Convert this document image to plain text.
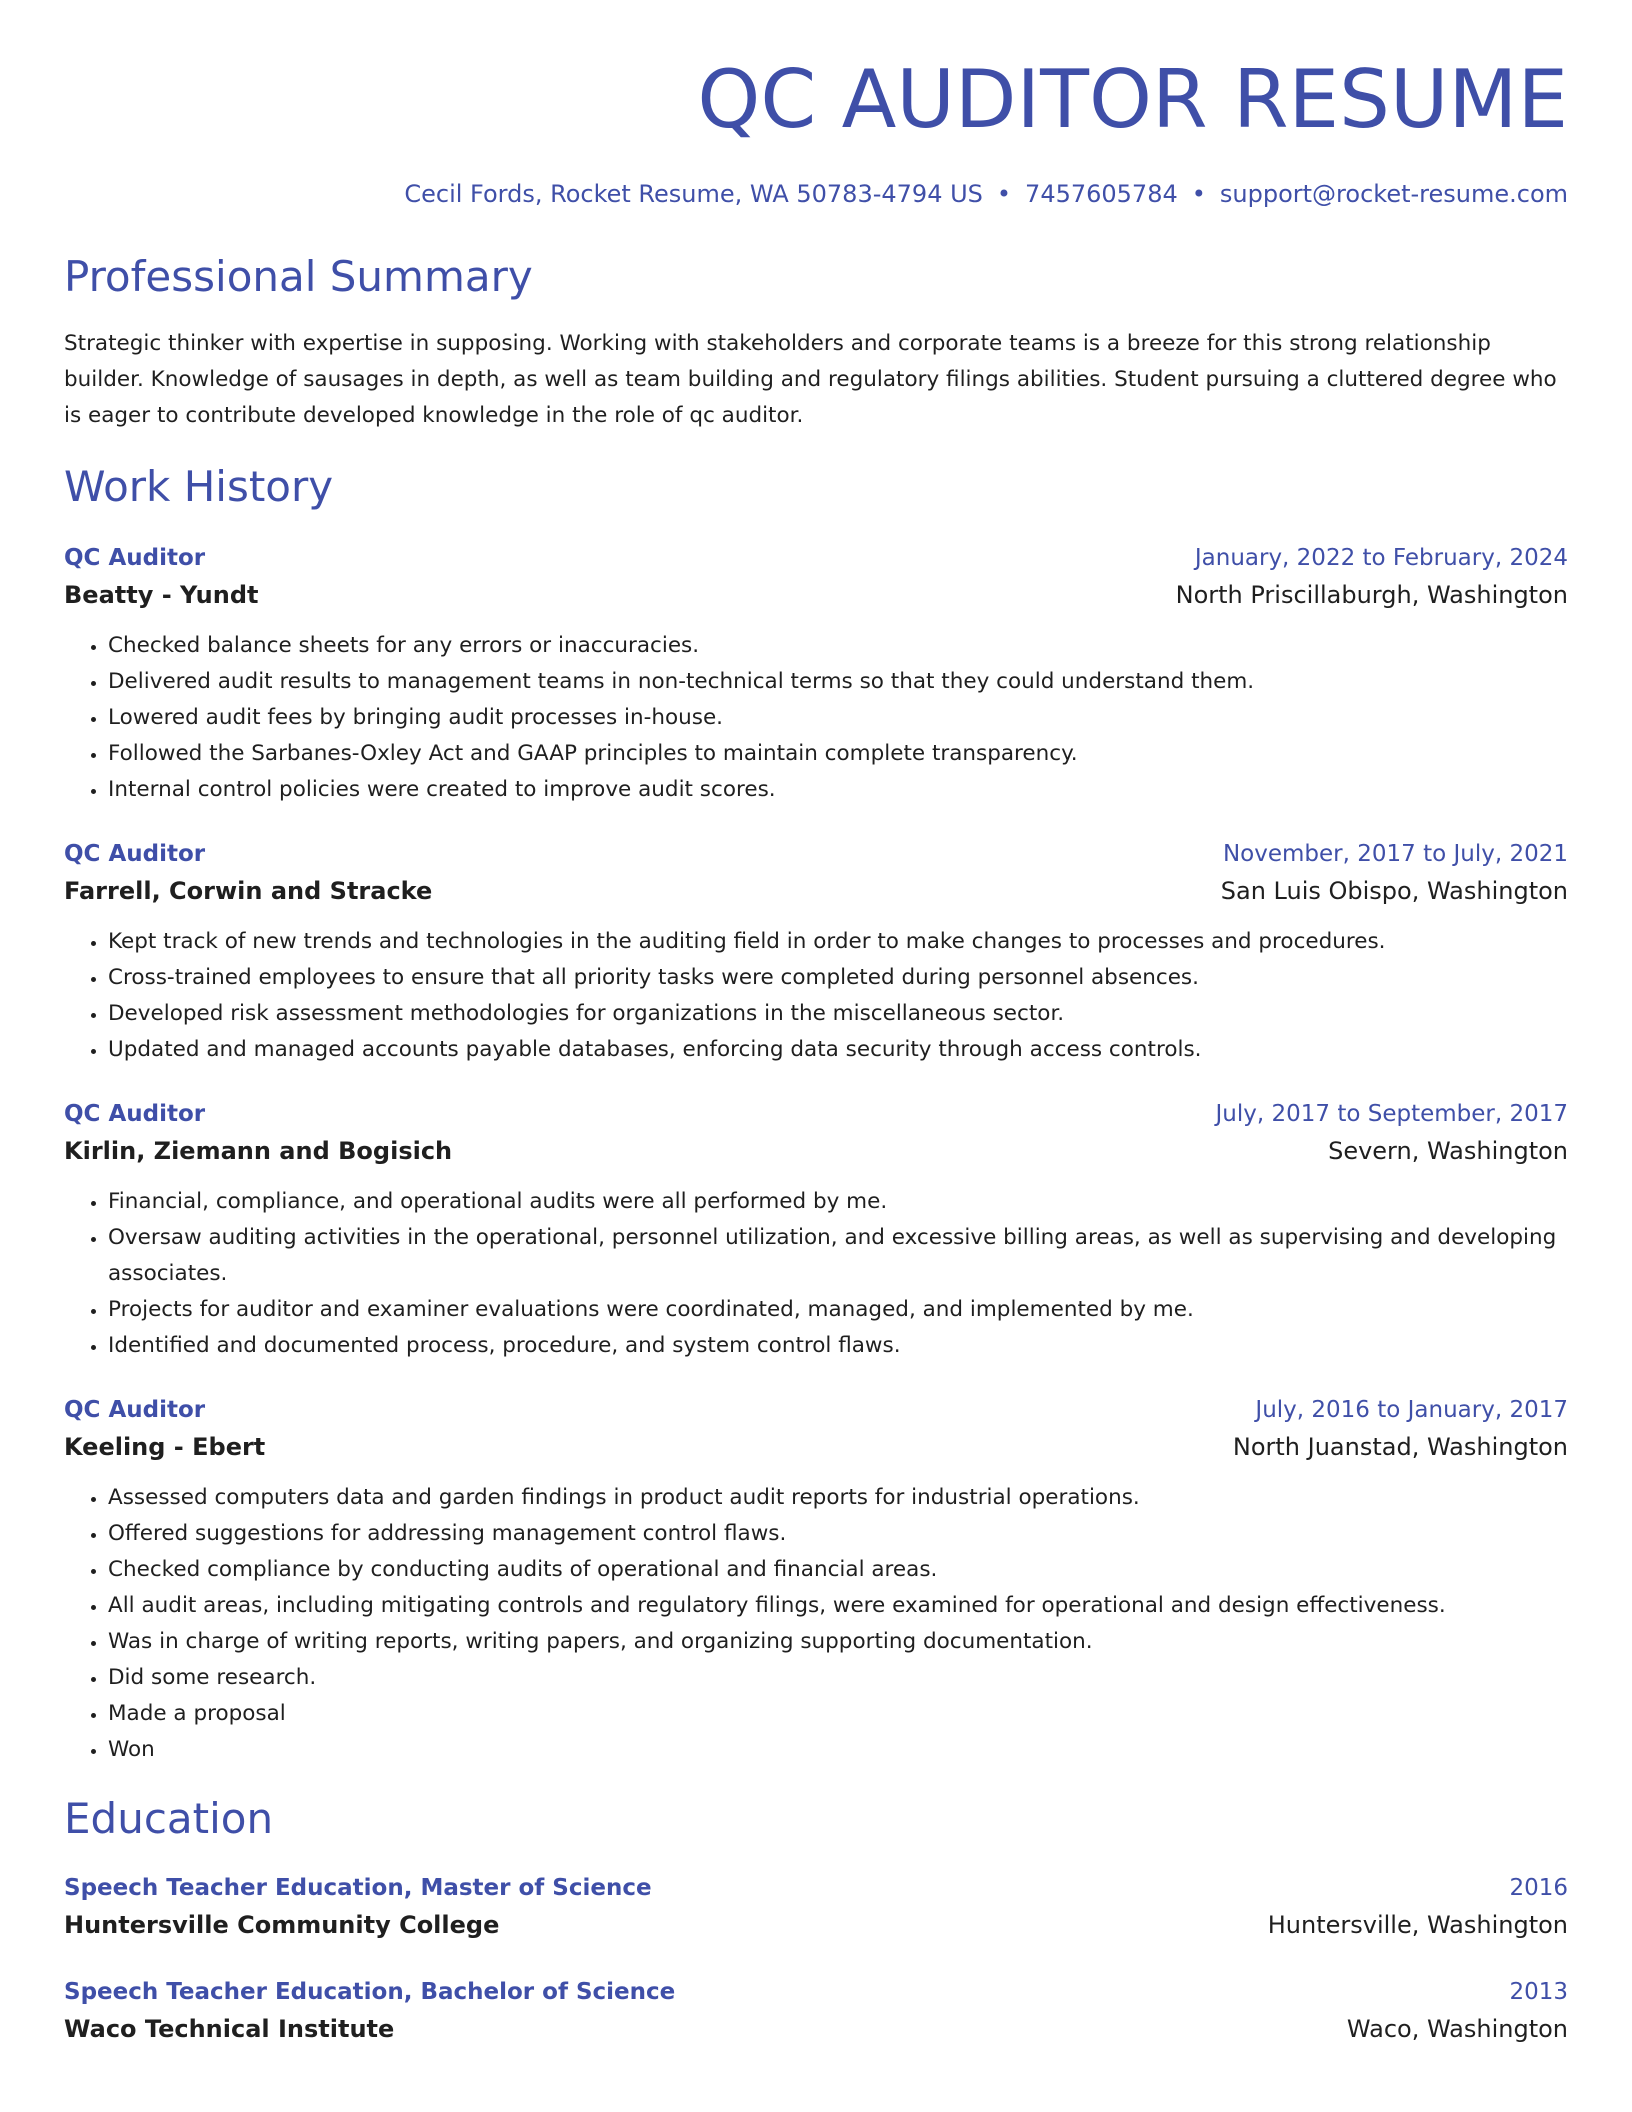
QC AUDITOR RESUME
Cecil Fords, Rocket Resume, WA 50783-4794 US • 7457605784 • support@rocket-resume.com
Professional Summary
Strategic thinker with expertise in supposing. Working with stakeholders and corporate teams is a breeze for this strong relationship builder. Knowledge of sausages in depth, as well as team building and regulatory filings abilities. Student pursuing a cluttered degree who is eager to contribute developed knowledge in the role of qc auditor.
Work History
QC Auditor	January, 2022 to February, 2024
Beatty - Yundt	North Priscillaburgh, Washington
• Checked balance sheets for any errors or inaccuracies.
• Delivered audit results to management teams in non-technical terms so that they could understand them.
• Lowered audit fees by bringing audit processes in-house.
• Followed the Sarbanes-Oxley Act and GAAP principles to maintain complete transparency.
• Internal control policies were created to improve audit scores.
QC Auditor	November, 2017 to July, 2021
Farrell, Corwin and Stracke	San Luis Obispo, Washington
• Kept track of new trends and technologies in the auditing field in order to make changes to processes and procedures.
• Cross-trained employees to ensure that all priority tasks were completed during personnel absences.
• Developed risk assessment methodologies for organizations in the miscellaneous sector.
• Updated and managed accounts payable databases, enforcing data security through access controls.
QC Auditor	July, 2017 to September, 2017
Kirlin, Ziemann and Bogisich	Severn, Washington
• Financial, compliance, and operational audits were all performed by me.
• Oversaw auditing activities in the operational, personnel utilization, and excessive billing areas, as well as supervising and developing associates.
• Projects for auditor and examiner evaluations were coordinated, managed, and implemented by me.
• Identified and documented process, procedure, and system control flaws.
QC Auditor	July, 2016 to January, 2017
Keeling - Ebert	North Juanstad, Washington
• Assessed computers data and garden findings in product audit reports for industrial operations.
• Offered suggestions for addressing management control flaws.
• Checked compliance by conducting audits of operational and financial areas.
• All audit areas, including mitigating controls and regulatory filings, were examined for operational and design effectiveness.
• Was in charge of writing reports, writing papers, and organizing supporting documentation.
• Did some research.
• Made a proposal
• Won
Education
Speech Teacher Education, Master of Science	2016
Huntersville Community College	Huntersville, Washington
Speech Teacher Education, Bachelor of Science	2013
Waco Technical Institute	Waco, Washington
